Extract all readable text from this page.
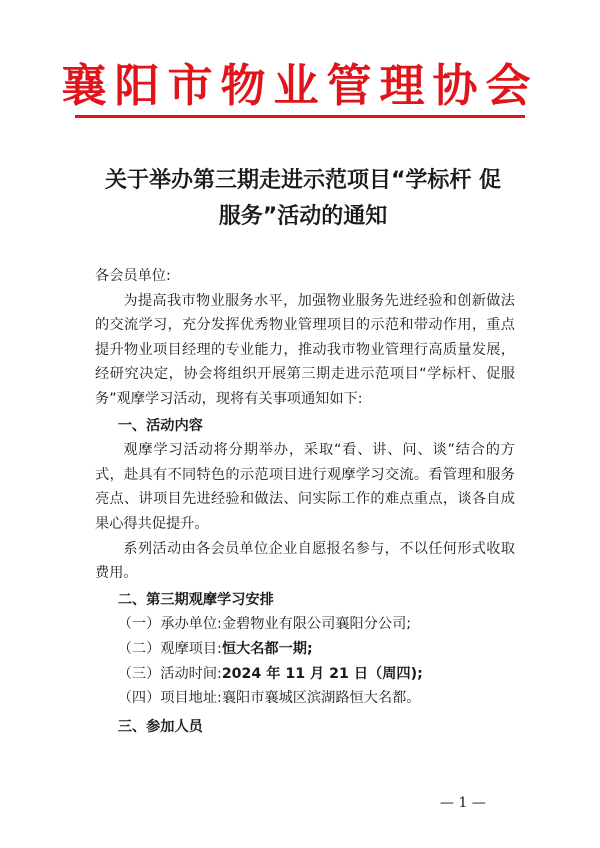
襄阳市物业管理协会
关于举办第三期走进示范项目“学标杆 促
服务”活动的通知

各会员单位:

为提高我市物业服务水平，加强物业服务先进经验和创新做法的交流学习，充分发挥优秀物业管理项目的示范和带动作用，重点提升物业项目经理的专业能力，推动我市物业管理行高质量发展，经研究决定，协会将组织开展第三期走进示范项目“学标杆、促服务”观摩学习活动，现将有关事项通知如下:

一、活动内容

观摩学习活动将分期举办，采取“看、讲、问、谈”结合的方式，赴具有不同特色的示范项目进行观摩学习交流。看管理和服务亮点、讲项目先进经验和做法、问实际工作的难点重点，谈各自成果心得共促提升。

系列活动由各会员单位企业自愿报名参与，不以任何形式收取费用。

二、第三期观摩学习安排

（一）承办单位:金碧物业有限公司襄阳分公司;

（二）观摩项目:恒大名都一期;

（三）活动时间:2024 年 11 月 21 日（周四);

（四）项目地址:襄阳市襄城区滨湖路恒大名都。

三、参加人员

— 1 —
